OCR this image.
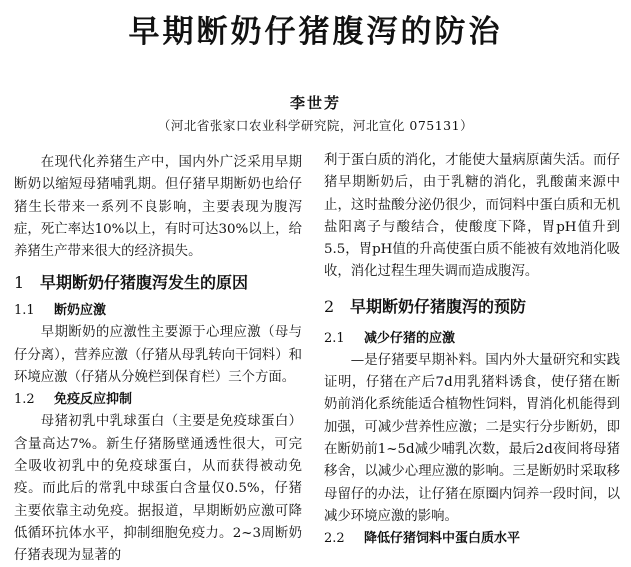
早期断奶仔猪腹泻的防治
李世芳
（河北省张家口农业科学研究院，河北宣化 075131）

在现代化养猪生产中，国内外广泛采用早期断奶以缩短母猪哺乳期。但仔猪早期断奶也给仔猪生长带来一系列不良影响，主要表现为腹泻症，死亡率达10%以上，有时可达30%以上，给养猪生产带来很大的经济损失。

1 早期断奶仔猪腹泻发生的原因
1.1 断奶应激

早期断奶的应激性主要源于心理应激（母与仔分离），营养应激（仔猪从母乳转向干饲料）和环境应激（仔猪从分娩栏到保育栏）三个方面。

1.2 免疫反应抑制

母猪初乳中乳球蛋白（主要是免疫球蛋白）含量高达7%。新生仔猪肠壁通透性很大，可完全吸收初乳中的免疫球蛋白，从而获得被动免疫。而此后的常乳中球蛋白含量仅0.5%，仔猪主要依靠主动免疫。据报道，早期断奶应激可降低循环抗体水平，抑制细胞免疫力。2~3周断奶仔猪表现为显著的

利于蛋白质的消化，才能使大量病原菌失活。而仔猪早期断奶后，由于乳糖的消化，乳酸菌来源中止，这时盐酸分泌仍很少，而饲料中蛋白质和无机盐阳离子与酸结合，使酸度下降，胃pH值升到5.5，胃pH值的升高使蛋白质不能被有效地消化吸收，消化过程生理失调而造成腹泻。

2 早期断奶仔猪腹泻的预防
2.1 减少仔猪的应激

—是仔猪要早期补料。国内外大量研究和实践证明，仔猪在产后7d用乳猪料诱食，使仔猪在断奶前消化系统能适合植物性饲料，胃消化机能得到加强，可减少营养性应激；二是实行分步断奶，即在断奶前1~5d减少哺乳次数，最后2d夜间将母猪移舍，以减少心理应激的影响。三是断奶时采取移母留仔的办法，让仔猪在原圈内饲养一段时间，以减少环境应激的影响。

2.2 降低仔猪饲料中蛋白质水平
